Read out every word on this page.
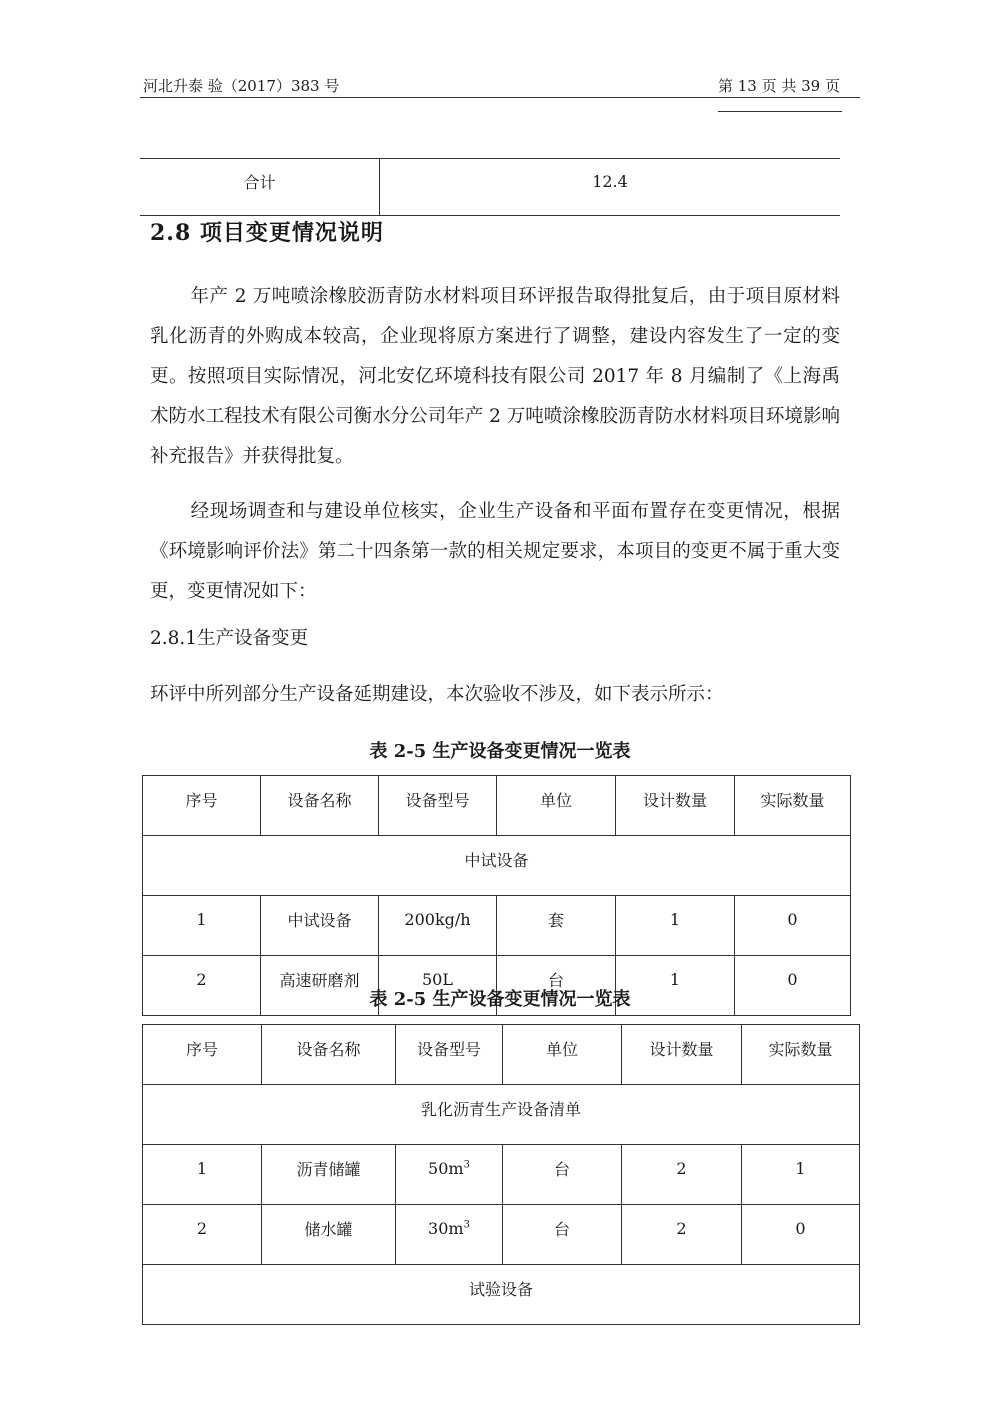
河北升泰 验（2017）383 号	第 13 页 共 39 页
合计	12.4
2.8 项目变更情况说明
年产 2 万吨喷涂橡胶沥青防水材料项目环评报告取得批复后，由于项目原材料乳化沥青的外购成本较高，企业现将原方案进行了调整，建设内容发生了一定的变更。按照项目实际情况，河北安亿环境科技有限公司 2017 年 8 月编制了《上海禹术防水工程技术有限公司衡水分公司年产 2 万吨喷涂橡胶沥青防水材料项目环境影响补充报告》并获得批复。
经现场调查和与建设单位核实，企业生产设备和平面布置存在变更情况，根据《环境影响评价法》第二十四条第一款的相关规定要求，本项目的变更不属于重大变更，变更情况如下：
2.8.1生产设备变更
环评中所列部分生产设备延期建设，本次验收不涉及，如下表示所示：
表 2-5 生产设备变更情况一览表
序号	设备名称	设备型号	单位	设计数量	实际数量
中试设备					
1	中试设备	200kg/h	套	1	0
2	高速研磨剂	50L	台	1	0
表 2-5 生产设备变更情况一览表
序号	设备名称	设备型号	单位	设计数量	实际数量
乳化沥青生产设备清单					
1	沥青储罐	$50m^3$	台	2	1
2	储水罐	$30m^3$	台	2	0
试验设备					
